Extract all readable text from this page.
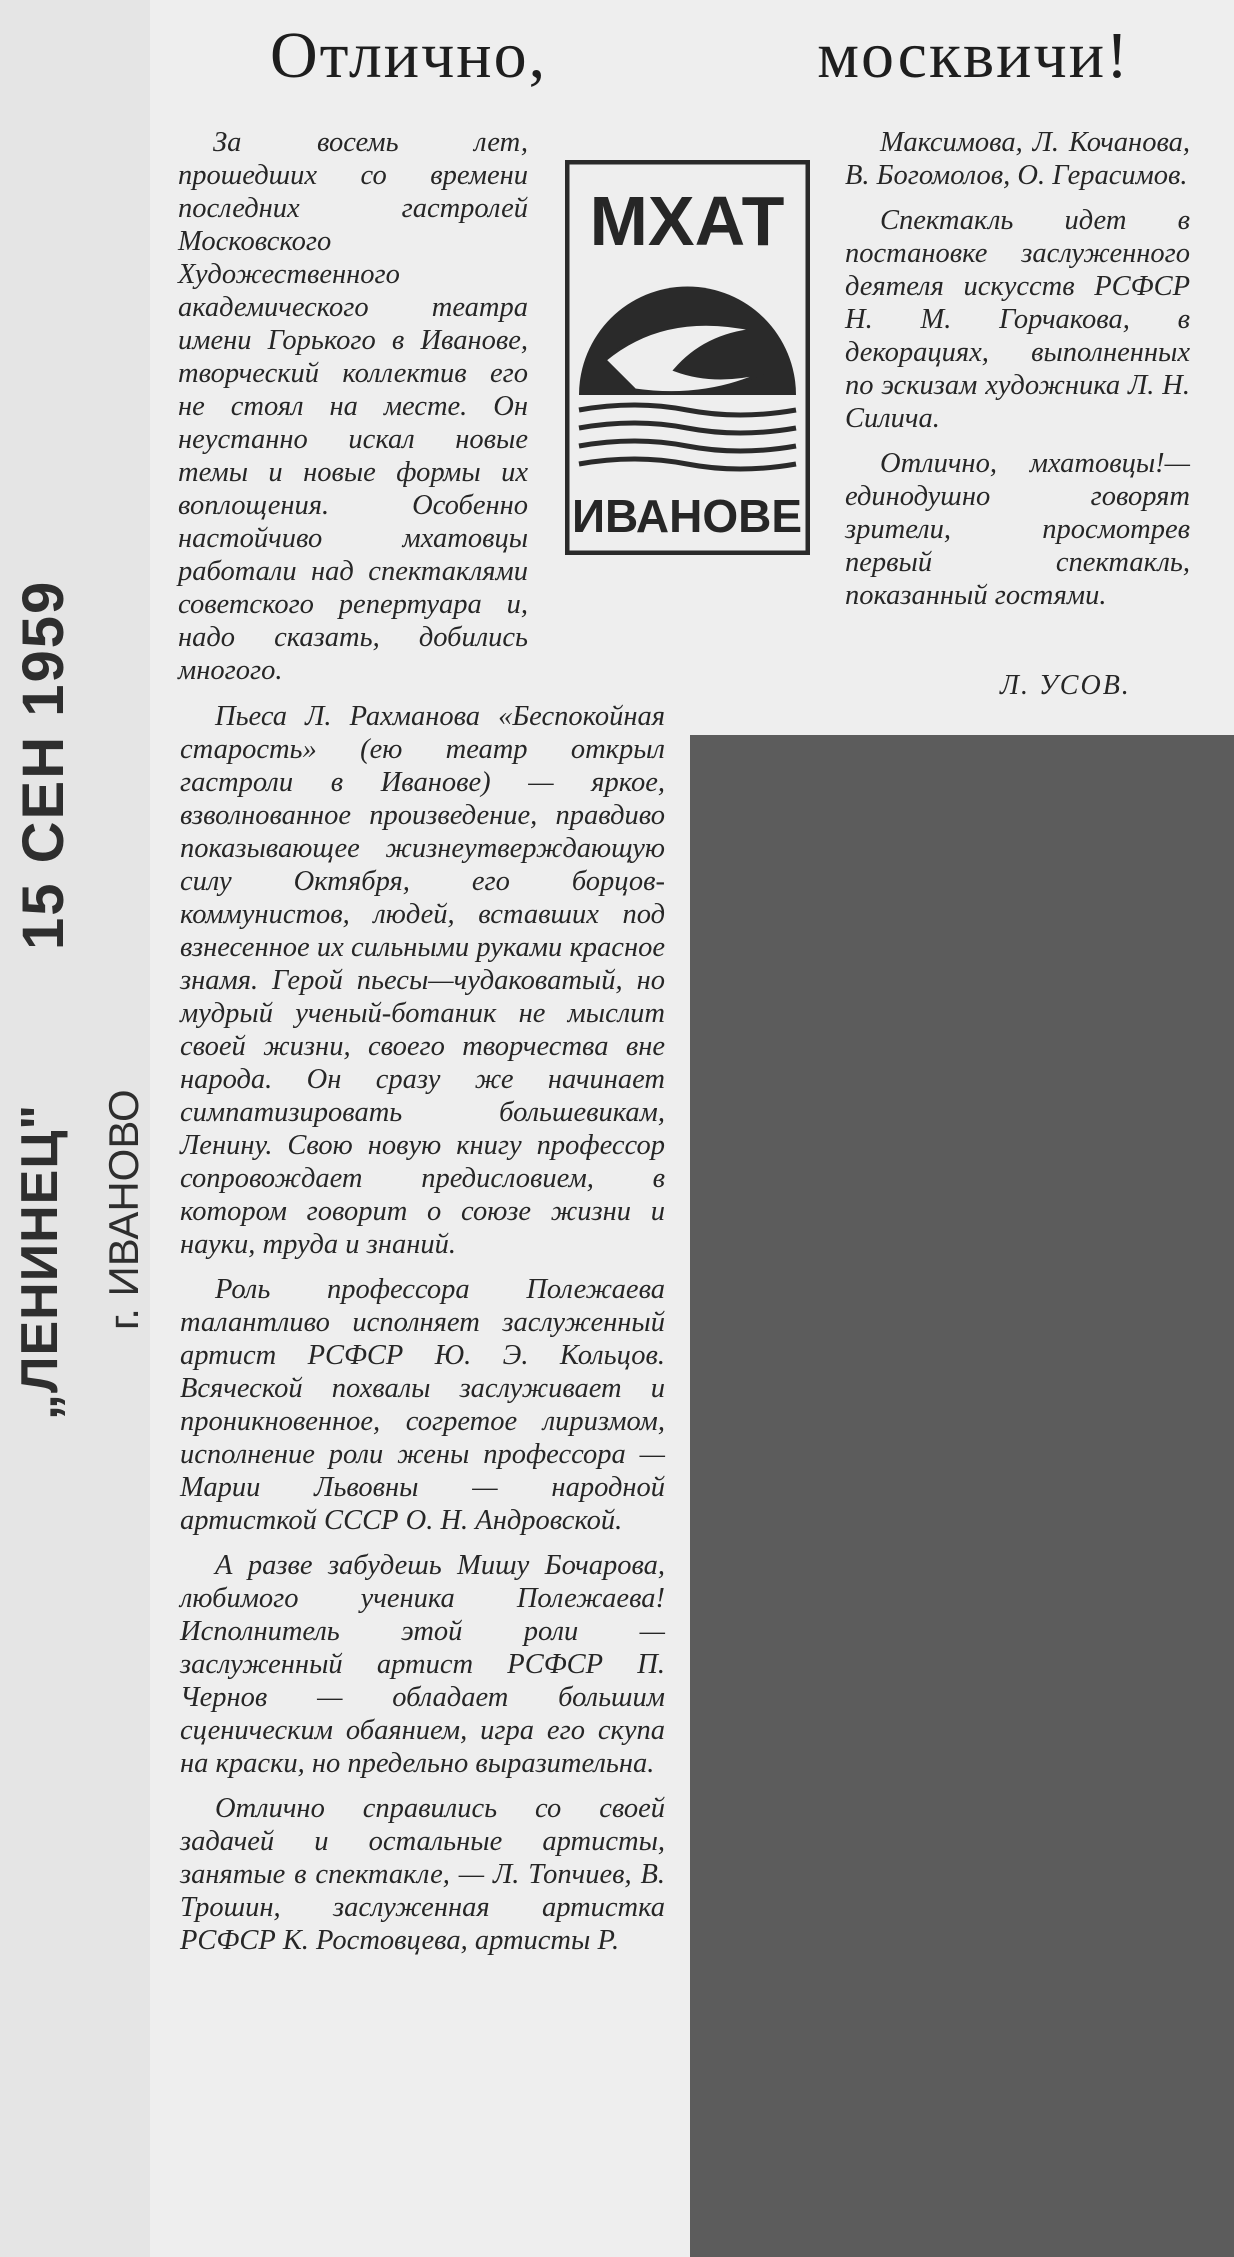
15 СЕН 1959
„ЛЕНИНЕЦ" г. ИВАНОВО
Отлично,	москвичи!

За восемь лет, прошедших со времени последних гастролей Московского Художественного академического театра имени Горького в Иванове, творческий коллектив его не стоял на месте. Он неустанно искал новые темы и новые формы их воплощения. Особенно настойчиво мхатовцы работали над спектаклями советского репертуара и, надо сказать, добились многого.

Пьеса Л. Рахманова «Беспокойная старость» (ею театр открыл гастроли в Иванове) — яркое, взволнованное произведение, правдиво показывающее жизнеутверждающую силу Октября, его борцов-коммунистов, людей, вставших под взнесенное их сильными руками красное знамя. Герой пьесы—чудаковатый, но мудрый ученый-ботаник не мыслит своей жизни, своего творчества вне народа. Он сразу же начинает симпатизировать большевикам, Ленину. Свою новую книгу профессор сопровождает предисловием, в котором говорит о союзе жизни и науки, труда и знаний.

Роль профессора Полежаева талантливо исполняет заслуженный артист РСФСР Ю. Э. Кольцов. Всяческой похвалы заслуживает и проникновенное, согретое лиризмом, исполнение роли жены профессора — Марии Львовны — народной артисткой СССР О. Н. Андровской.

А разве забудешь Мишу Бочарова, любимого ученика Полежаева! Исполнитель этой роли — заслуженный артист РСФСР П. Чернов — обладает большим сценическим обаянием, игра его скупа на краски, но предельно выразительна.

Отлично справились со своей задачей и остальные артисты, занятые в спектакле, — Л. Топчиев, В. Трошин, заслуженная артистка РСФСР К. Ростовцева, артисты Р.

Максимова, Л. Кочанова, В. Богомолов, О. Герасимов.

Спектакль идет в постановке заслуженного деятеля искусств РСФСР Н. М. Горчакова, в декорациях, выполненных по эскизам художника Л. Н. Силича.

Отлично, мхатовцы!— единодушно говорят зрители, просмотрев первый спектакль, показанный гостями.

Л. УСОВ.
МХАТ
ИВАНОВЕ
